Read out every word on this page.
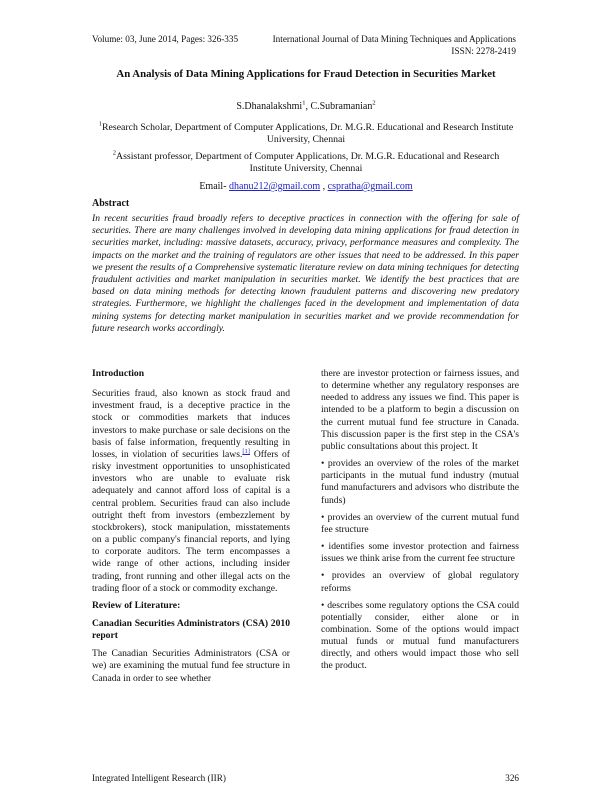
Volume: 03, June 2014, Pages: 326-335	International Journal of Data Mining Techniques and Applications
ISSN: 2278-2419
An Analysis of Data Mining Applications for Fraud Detection in Securities Market
S.Dhanalakshmi$^1$, C.Subramanian$^2$
$^1$Research Scholar, Department of Computer Applications, Dr. M.G.R. Educational and Research Institute University, Chennai
$^2$Assistant professor, Department of Computer Applications, Dr. M.G.R. Educational and Research Institute University, Chennai
Email- dhanu212@gmail.com , cspratha@gmail.com
Abstract
In recent securities fraud broadly refers to deceptive practices in connection with the offering for sale of securities. There are many challenges involved in developing data mining applications for fraud detection in securities market, including: massive datasets, accuracy, privacy, performance measures and complexity. The impacts on the market and the training of regulators are other issues that need to be addressed. In this paper we present the results of a Comprehensive systematic literature review on data mining techniques for detecting fraudulent activities and market manipulation in securities market. We identify the best practices that are based on data mining methods for detecting known fraudulent patterns and discovering new predatory strategies. Furthermore, we highlight the challenges faced in the development and implementation of data mining systems for detecting market manipulation in securities market and we provide recommendation for future research works accordingly.

Introduction

Securities fraud, also known as stock fraud and investment fraud, is a deceptive practice in the stock or commodities markets that induces investors to make purchase or sale decisions on the basis of false information, frequently resulting in losses, in violation of securities laws.[1] Offers of risky investment opportunities to unsophisticated investors who are unable to evaluate risk adequately and cannot afford loss of capital is a central problem. Securities fraud can also include outright theft from investors (embezzlement by stockbrokers), stock manipulation, misstatements on a public company's financial reports, and lying to corporate auditors. The term encompasses a wide range of other actions, including insider trading, front running and other illegal acts on the trading floor of a stock or commodity exchange.

Review of Literature:

Canadian Securities Administrators (CSA) 2010 report

The Canadian Securities Administrators (CSA or we) are examining the mutual fund fee structure in Canada in order to see whether

there are investor protection or fairness issues, and to determine whether any regulatory responses are needed to address any issues we find. This paper is intended to be a platform to begin a discussion on the current mutual fund fee structure in Canada. This discussion paper is the first step in the CSA's public consultations about this project. It

• provides an overview of the roles of the market participants in the mutual fund industry (mutual fund manufacturers and advisors who distribute the funds)

• provides an overview of the current mutual fund fee structure

• identifies some investor protection and fairness issues we think arise from the current fee structure

• provides an overview of global regulatory reforms

• describes some regulatory options the CSA could potentially consider, either alone or in combination. Some of the options would impact mutual funds or mutual fund manufacturers directly, and others would impact those who sell the product.

Integrated Intelligent Research (IIR)	326
